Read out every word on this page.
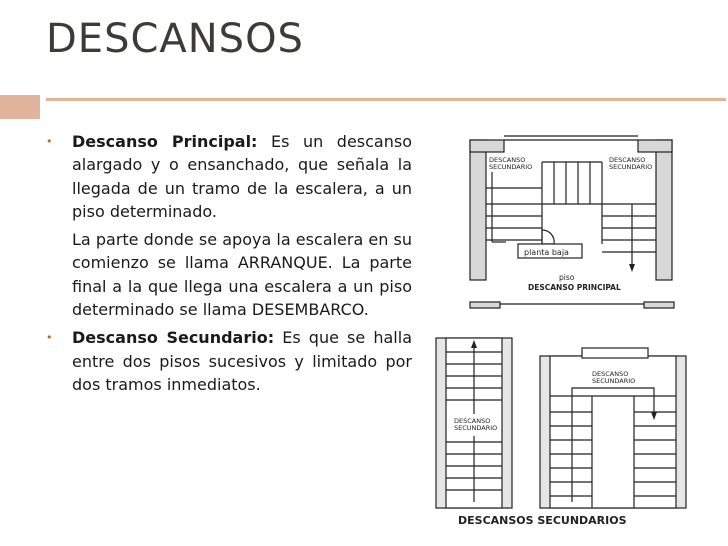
DESCANSOS
•	Descanso Principal: Es un descanso alargado y o ensanchado, que señala la llegada de un tramo de la escalera, a un piso determinado.
La parte donde se apoya la escalera en su comienzo se llama ARRANQUE. La parte final a la que llega una escalera a un piso determinado se llama DESEMBARCO.
•	Descanso Secundario: Es que se halla entre dos pisos sucesivos y limitado por dos tramos inmediatos.
DESCANSO
SECUNDARIO
DESCANSO
SECUNDARIO
planta baja
piso
DESCANSO PRINCIPAL
DESCANSO
SECUNDARIO
DESCANSO
SECUNDARIO
DESCANSOS SECUNDARIOS
